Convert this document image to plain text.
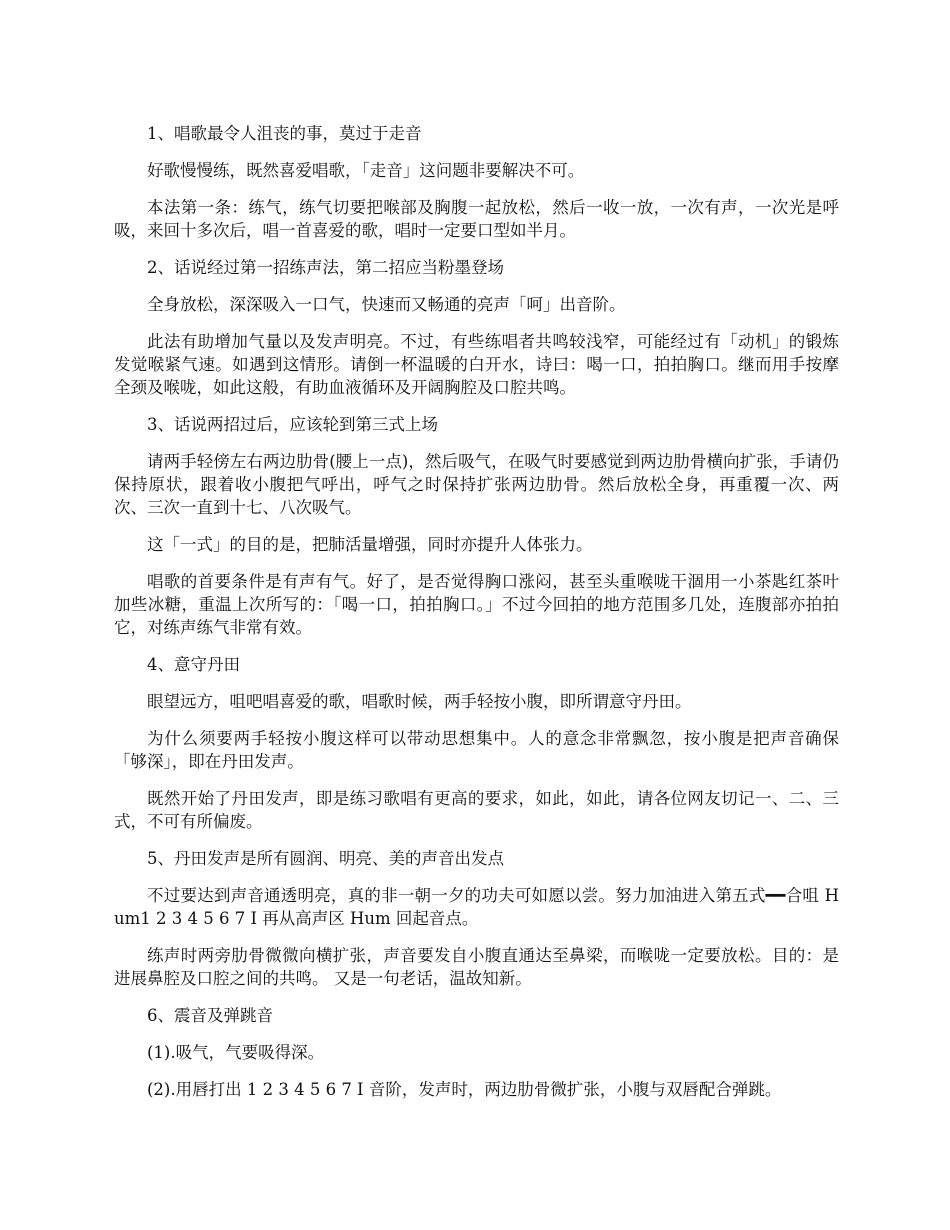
1、唱歌最令人沮丧的事，莫过于走音

好歌慢慢练，既然喜爱唱歌，「走音」这问题非要解决不可。

本法第一条：练气，练气切要把喉部及胸腹一起放松，然后一收一放，一次有声，一次光是呼吸，来回十多次后，唱一首喜爱的歌，唱时一定要口型如半月。

2、话说经过第一招练声法，第二招应当粉墨登场

全身放松，深深吸入一口气，快速而又畅通的亮声「呵」出音阶。

此法有助增加气量以及发声明亮。不过，有些练唱者共鸣较浅窄，可能经过有「动机」的锻炼发觉喉紧气速。如遇到这情形。请倒一杯温暖的白开水，诗曰：喝一口，拍拍胸口。继而用手按摩全颈及喉咙，如此这般，有助血液循环及开阔胸腔及口腔共鸣。

3、话说两招过后，应该轮到第三式上场

请两手轻傍左右两边肋骨(腰上一点)，然后吸气，在吸气时要感觉到两边肋骨横向扩张，手请仍保持原状，跟着收小腹把气呼出，呼气之时保持扩张两边肋骨。然后放松全身，再重覆一次、两次、三次一直到十七、八次吸气。

这「一式」的目的是，把肺活量增强，同时亦提升人体张力。

唱歌的首要条件是有声有气。好了，是否觉得胸口涨闷，甚至头重喉咙干涸用一小茶匙红茶叶加些冰糖，重温上次所写的：「喝一口，拍拍胸口。」不过今回拍的地方范围多几处，连腹部亦拍拍它，对练声练气非常有效。

4、意守丹田

眼望远方，咀吧唱喜爱的歌，唱歌时候，两手轻按小腹，即所谓意守丹田。

为什么须要两手轻按小腹这样可以带动思想集中。人的意念非常飘忽，按小腹是把声音确保「够深」，即在丹田发声。

既然开始了丹田发声，即是练习歌唱有更高的要求，如此，如此，请各位网友切记一、二、三式，不可有所偏废。

5、丹田发声是所有圆润、明亮、美的声音出发点

不过要达到声音通透明亮，真的非一朝一夕的功夫可如愿以尝。努力加油进入第五式━━合咀 Hum1 2 3 4 5 6 7 I 再从高声区 Hum 回起音点。

练声时两旁肋骨微微向横扩张，声音要发自小腹直通达至鼻梁，而喉咙一定要放松。目的：是进展鼻腔及口腔之间的共鸣。 又是一句老话，温故知新。

6、震音及弹跳音

(1).吸气，气要吸得深。

(2).用唇打出 1 2 3 4 5 6 7 I 音阶，发声时，两边肋骨微扩张，小腹与双唇配合弹跳。
